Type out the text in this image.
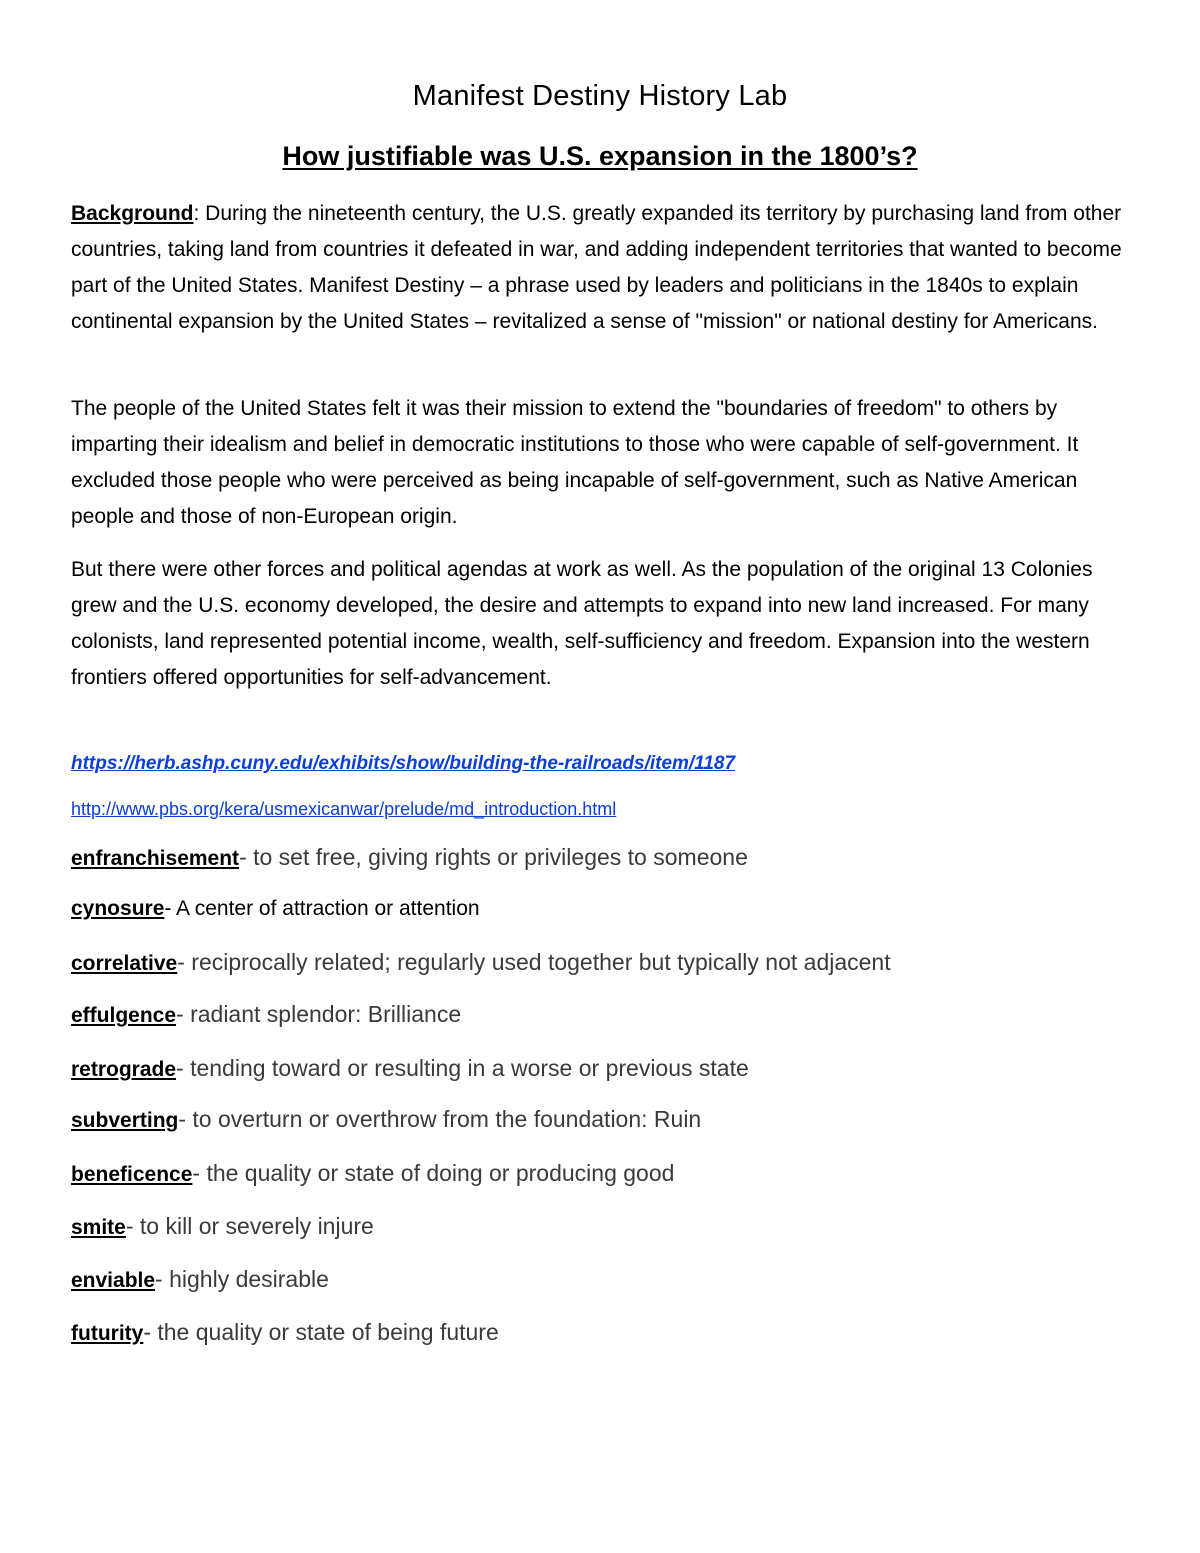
Manifest Destiny History Lab
How justifiable was U.S. expansion in the 1800’s?

Background: During the nineteenth century, the U.S. greatly expanded its territory by purchasing land from other countries, taking land from countries it defeated in war, and adding independent territories that wanted to become part of the United States. Manifest Destiny – a phrase used by leaders and politicians in the 1840s to explain continental expansion by the United States – revitalized a sense of "mission" or national destiny for Americans.

The people of the United States felt it was their mission to extend the "boundaries of freedom" to others by imparting their idealism and belief in democratic institutions to those who were capable of self-government. It excluded those people who were perceived as being incapable of self-government, such as Native American people and those of non-European origin.

But there were other forces and political agendas at work as well. As the population of the original 13 Colonies grew and the U.S. economy developed, the desire and attempts to expand into new land increased. For many colonists, land represented potential income, wealth, self-sufficiency and freedom. Expansion into the western frontiers offered opportunities for self-advancement.

https://herb.ashp.cuny.edu/exhibits/show/building-the-railroads/item/1187
http://www.pbs.org/kera/usmexicanwar/prelude/md_introduction.html
enfranchisement- to set free, giving rights or privileges to someone
cynosure- A center of attraction or attention
correlative- reciprocally related; regularly used together but typically not adjacent
effulgence- radiant splendor: Brilliance
retrograde- tending toward or resulting in a worse or previous state
subverting- to overturn or overthrow from the foundation: Ruin
beneficence- the quality or state of doing or producing good
smite- to kill or severely injure
enviable- highly desirable
futurity- the quality or state of being future
